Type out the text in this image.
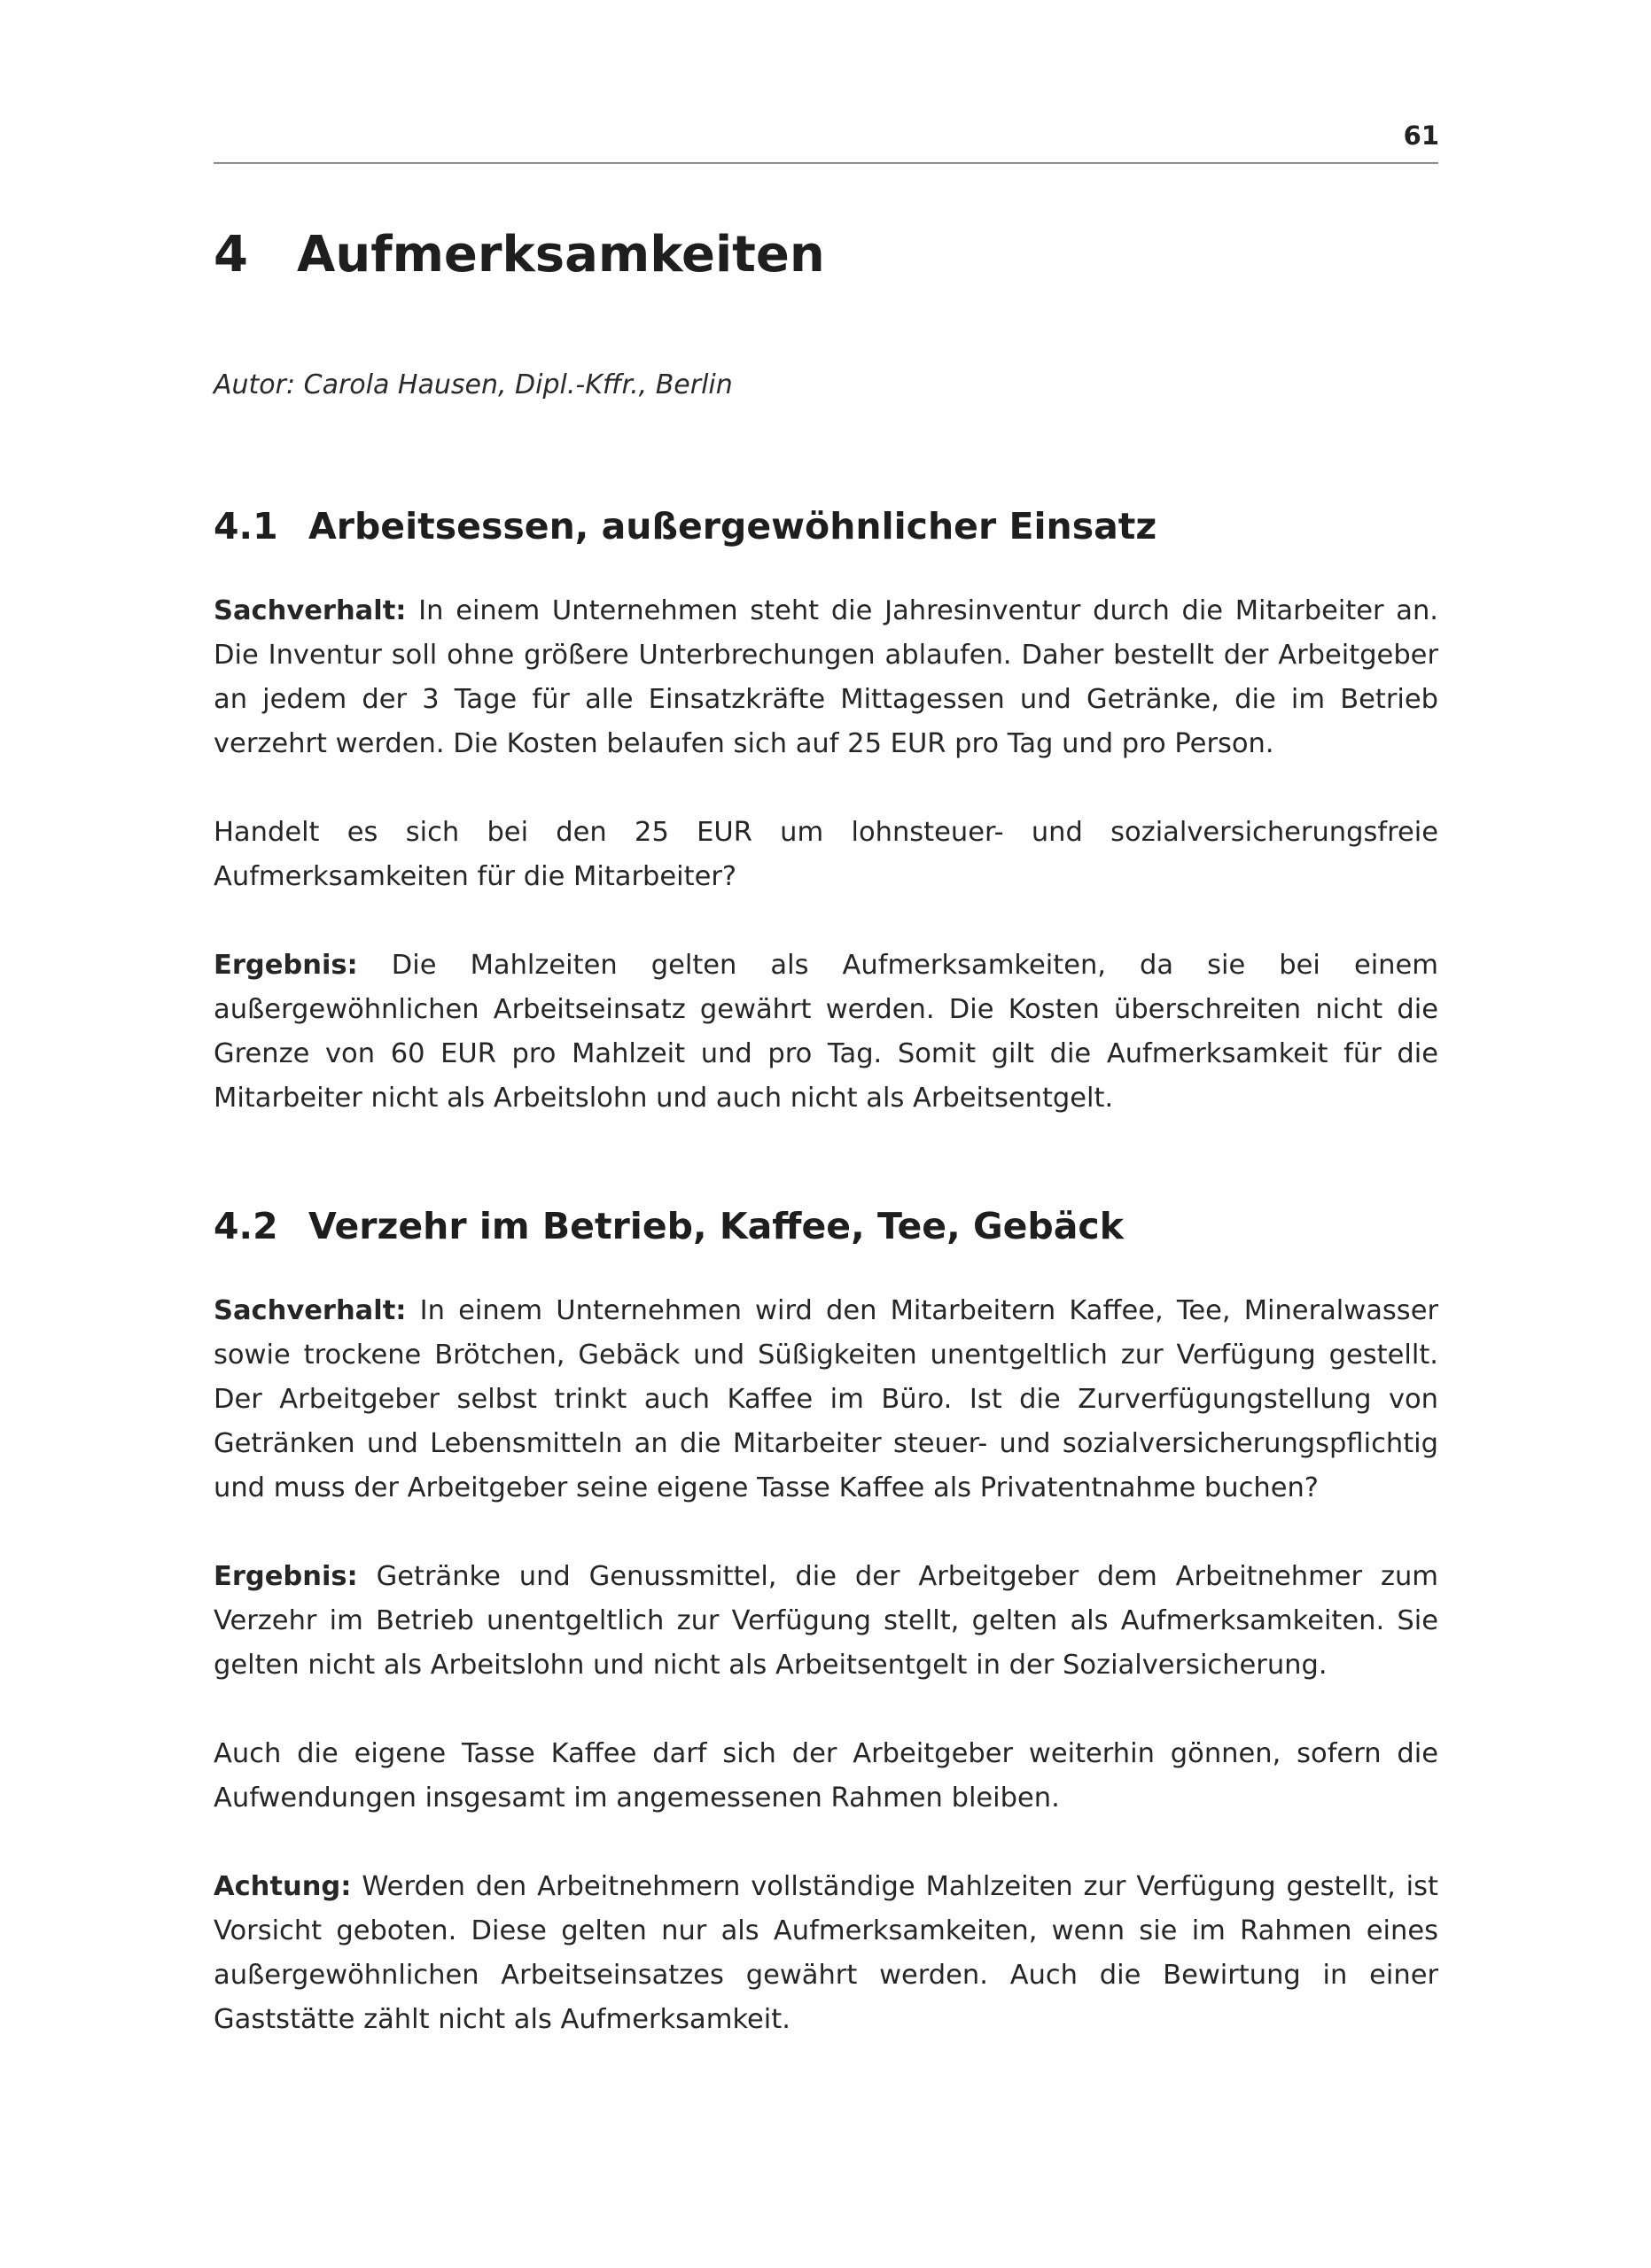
61
4 Aufmerksamkeiten

Autor: Carola Hausen, Dipl.-Kffr., Berlin

4.1 Arbeitsessen, außergewöhnlicher Einsatz

Sachverhalt: In einem Unternehmen steht die Jahresinventur durch die Mitarbeiter an. Die Inventur soll ohne größere Unterbrechungen ablaufen. Daher bestellt der Arbeitgeber an jedem der 3 Tage für alle Einsatzkräfte Mittagessen und Getränke, die im Betrieb verzehrt werden. Die Kosten belaufen sich auf 25 EUR pro Tag und pro Person.

Handelt es sich bei den 25 EUR um lohnsteuer- und sozialversicherungsfreie Aufmerksamkeiten für die Mitarbeiter?

Ergebnis: Die Mahlzeiten gelten als Aufmerksamkeiten, da sie bei einem außergewöhnlichen Arbeitseinsatz gewährt werden. Die Kosten überschreiten nicht die Grenze von 60 EUR pro Mahlzeit und pro Tag. Somit gilt die Aufmerksamkeit für die Mitarbeiter nicht als Arbeitslohn und auch nicht als Arbeitsentgelt.

4.2 Verzehr im Betrieb, Kaffee, Tee, Gebäck

Sachverhalt: In einem Unternehmen wird den Mitarbeitern Kaffee, Tee, Mineralwasser sowie trockene Brötchen, Gebäck und Süßigkeiten unentgeltlich zur Verfügung gestellt. Der Arbeitgeber selbst trinkt auch Kaffee im Büro. Ist die Zurverfügungstellung von Getränken und Lebensmitteln an die Mitarbeiter steuer- und sozialversicherungspflichtig und muss der Arbeitgeber seine eigene Tasse Kaffee als Privatentnahme buchen?

Ergebnis: Getränke und Genussmittel, die der Arbeitgeber dem Arbeitnehmer zum Verzehr im Betrieb unentgeltlich zur Verfügung stellt, gelten als Aufmerksamkeiten. Sie gelten nicht als Arbeitslohn und nicht als Arbeitsentgelt in der Sozialversicherung.

Auch die eigene Tasse Kaffee darf sich der Arbeitgeber weiterhin gönnen, sofern die Aufwendungen insgesamt im angemessenen Rahmen bleiben.

Achtung: Werden den Arbeitnehmern vollständige Mahlzeiten zur Verfügung gestellt, ist Vorsicht geboten. Diese gelten nur als Aufmerksamkeiten, wenn sie im Rahmen eines außergewöhnlichen Arbeitseinsatzes gewährt werden. Auch die Bewirtung in einer Gaststätte zählt nicht als Aufmerksamkeit.
